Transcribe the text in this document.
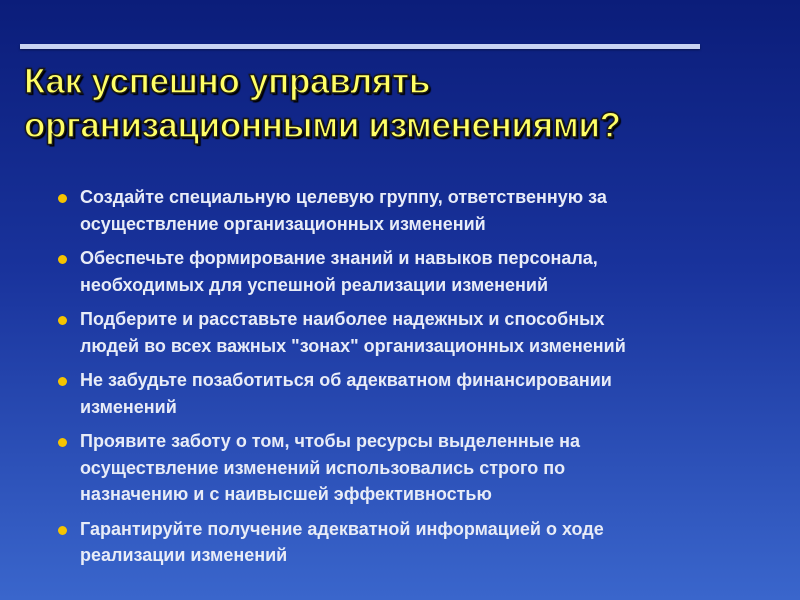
Как успешно управлять
организационными изменениями?
Создайте специальную целевую группу, ответственную за
осуществление организационных изменений
Обеспечьте формирование знаний и навыков персонала,
необходимых для успешной реализации изменений
Подберите и расставьте наиболее надежных и способных
людей во всех важных "зонах" организационных изменений
Не забудьте позаботиться об адекватном финансировании
изменений
Проявите заботу о том, чтобы ресурсы выделенные на
осуществление изменений использовались строго по
назначению и с наивысшей эффективностью
Гарантируйте получение адекватной информацией о ходе
реализации изменений
